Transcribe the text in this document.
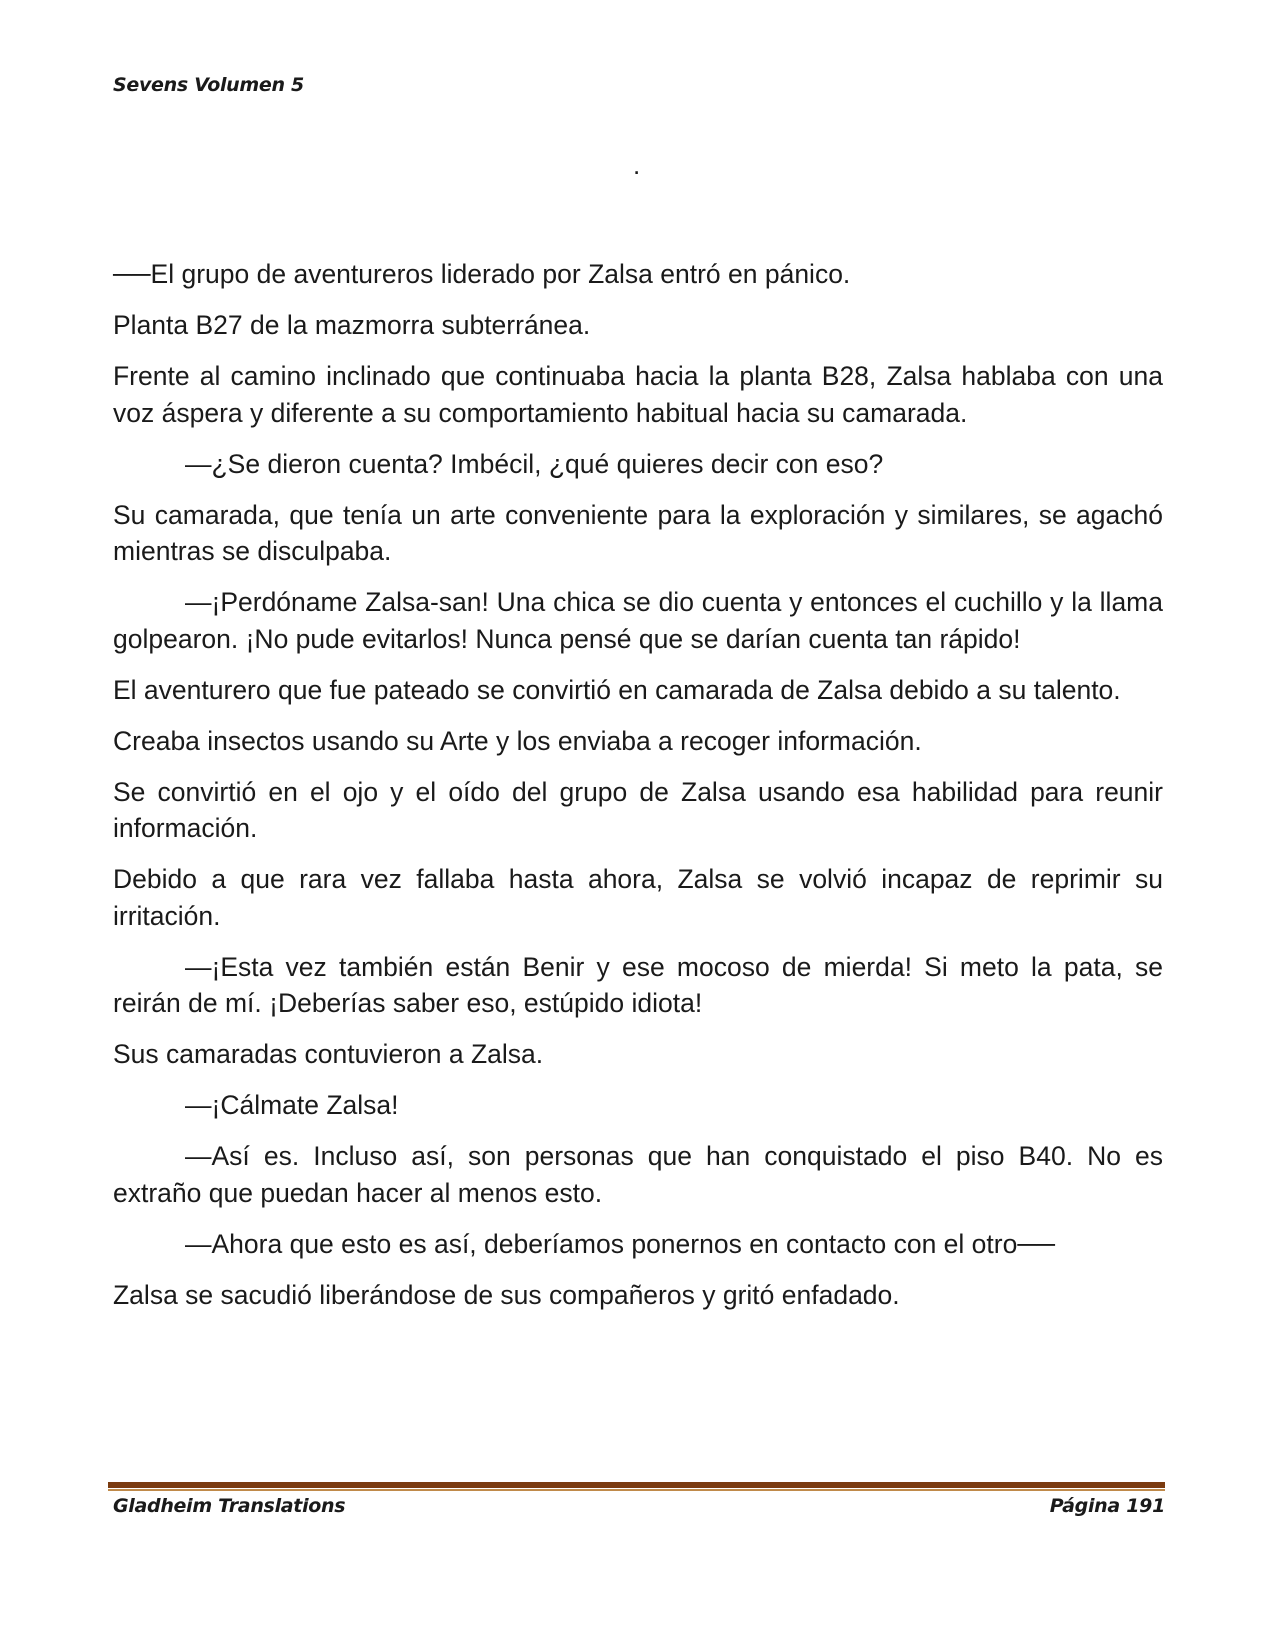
Sevens Volumen 5
.

──El grupo de aventureros liderado por Zalsa entró en pánico.

Planta B27 de la mazmorra subterránea.

Frente al camino inclinado que continuaba hacia la planta B28, Zalsa hablaba con una voz áspera y diferente a su comportamiento habitual hacia su camarada.

—¿Se dieron cuenta? Imbécil, ¿qué quieres decir con eso?

Su camarada, que tenía un arte conveniente para la exploración y similares, se agachó mientras se disculpaba.

—¡Perdóname Zalsa-san! Una chica se dio cuenta y entonces el cuchillo y la llama golpearon. ¡No pude evitarlos! Nunca pensé que se darían cuenta tan rápido!

El aventurero que fue pateado se convirtió en camarada de Zalsa debido a su talento.

Creaba insectos usando su Arte y los enviaba a recoger información.

Se convirtió en el ojo y el oído del grupo de Zalsa usando esa habilidad para reunir información.

Debido a que rara vez fallaba hasta ahora, Zalsa se volvió incapaz de reprimir su irritación.

—¡Esta vez también están Benir y ese mocoso de mierda! Si meto la pata, se reirán de mí. ¡Deberías saber eso, estúpido idiota!

Sus camaradas contuvieron a Zalsa.

—¡Cálmate Zalsa!

—Así es. Incluso así, son personas que han conquistado el piso B40. No es extraño que puedan hacer al menos esto.

—Ahora que esto es así, deberíamos ponernos en contacto con el otro──

Zalsa se sacudió liberándose de sus compañeros y gritó enfadado.

Gladheim Translations	Página 191
